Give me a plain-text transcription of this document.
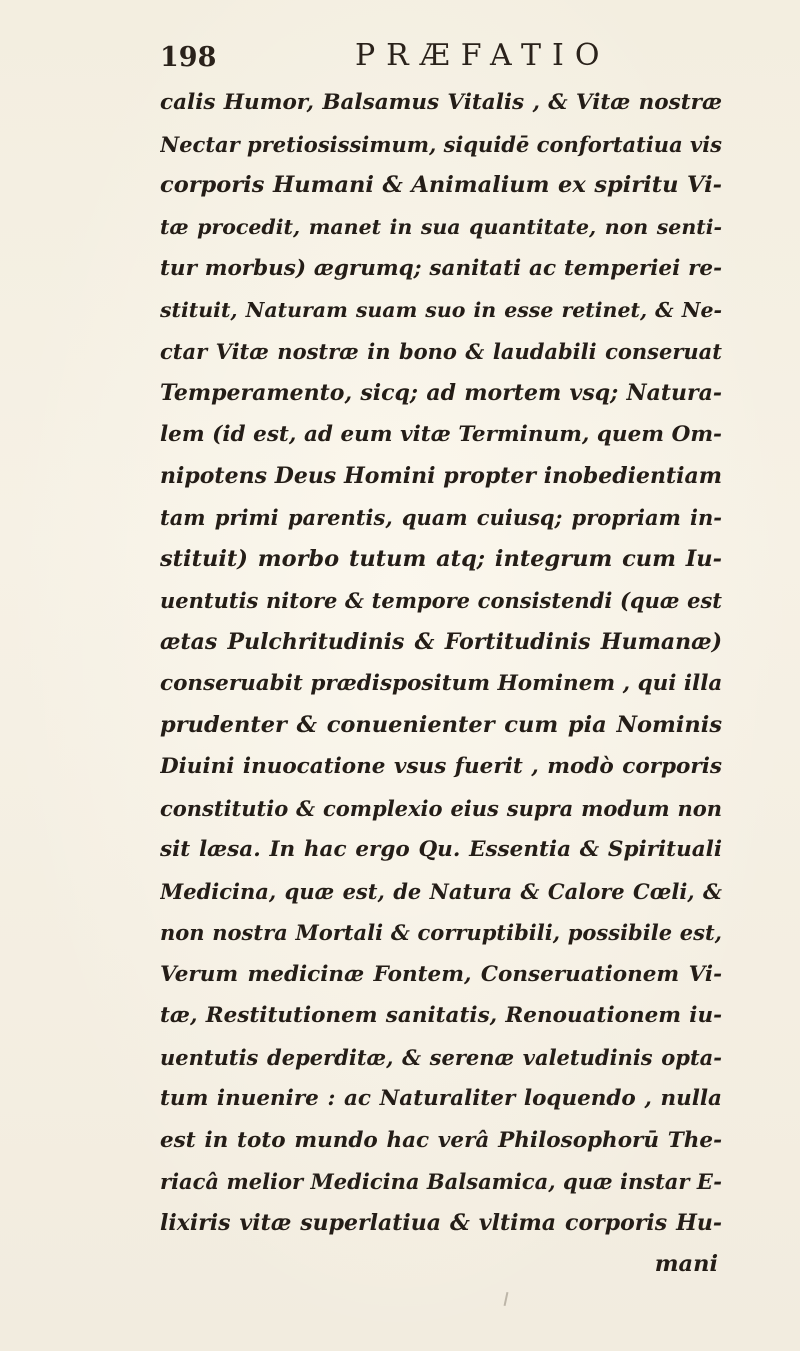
198	PRÆFATIO
calis Humor, Balsamus Vitalis , & Vitæ nostræ
Nectar pretiosissimum, siquidē confortatiua vis
corporis Humani & Animalium ex spiritu Vi-
tæ procedit, manet in sua quantitate, non senti-
tur morbus) ægrumq; sanitati ac temperiei re-
stituit, Naturam suam suo in esse retinet, & Ne-
ctar Vitæ nostræ in bono & laudabili conseruat
Temperamento, sicq; ad mortem vsq; Natura-
lem (id est, ad eum vitæ Terminum, quem Om-
nipotens Deus Homini propter inobedientiam
tam primi parentis, quam cuiusq; propriam in-
stituit) morbo tutum atq; integrum cum Iu-
uentutis nitore & tempore consistendi (quæ est
ætas Pulchritudinis & Fortitudinis Humanæ)
conseruabit prædispositum Hominem , qui illa
prudenter & conuenienter cum pia Nominis
Diuini inuocatione vsus fuerit , modò corporis
constitutio & complexio eius supra modum non
sit læsa. In hac ergo Qu. Essentia & Spirituali
Medicina, quæ est, de Natura & Calore Cœli, &
non nostra Mortali & corruptibili, possibile est,
Verum medicinæ Fontem, Conseruationem Vi-
tæ, Restitutionem sanitatis, Renouationem iu-
uentutis deperditæ, & serenæ valetudinis opta-
tum inuenire : ac Naturaliter loquendo , nulla
est in toto mundo hac verâ Philosophorū The-
riacâ melior Medicina Balsamica, quæ instar E-
lixiris vitæ superlatiua & vltima corporis Hu-
mani
